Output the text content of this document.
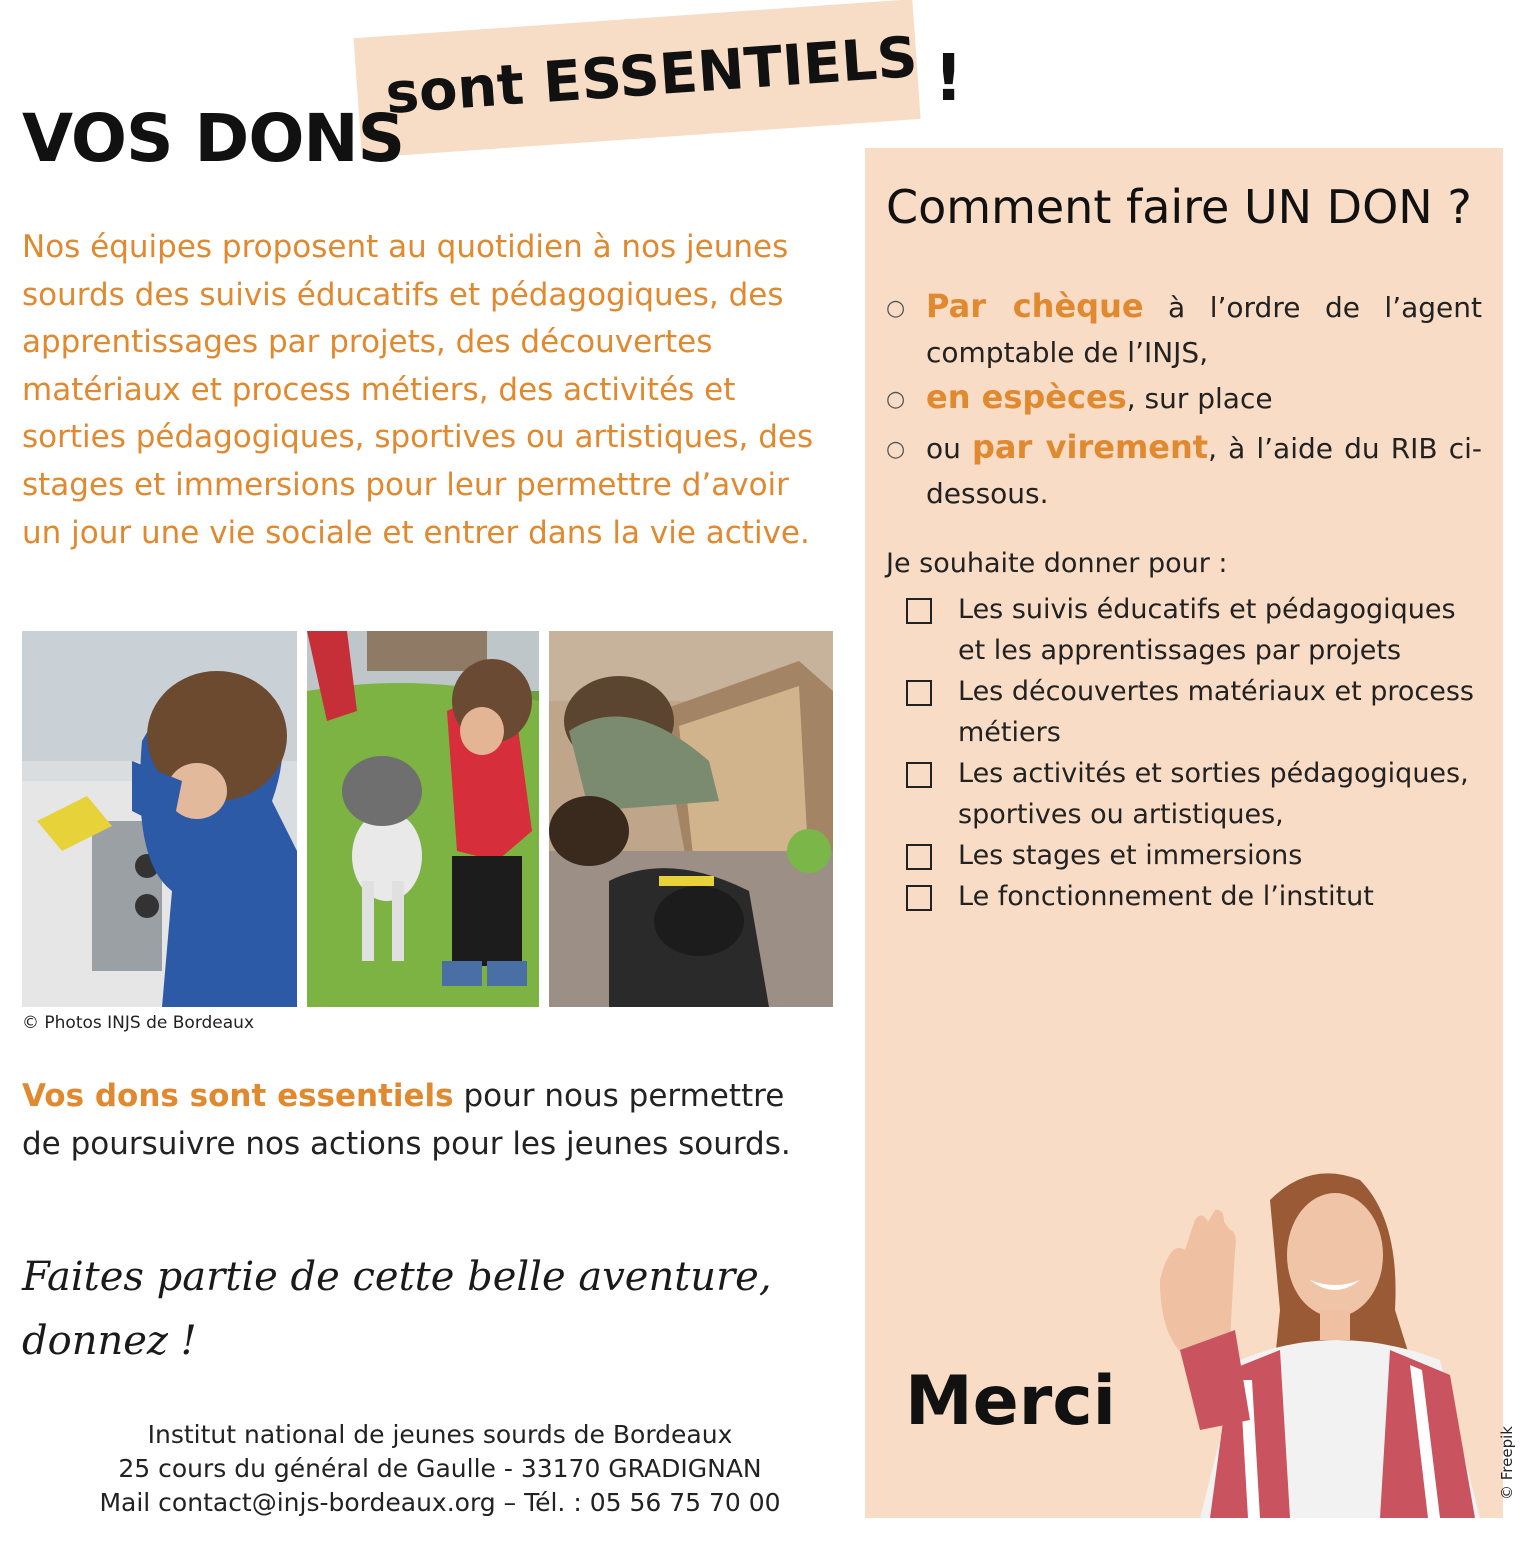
VOS DONS
sont ESSENTIELS !
Nos équipes proposent au quotidien à nos jeunes sourds des suivis éducatifs et pédagogiques, des apprentissages par projets, des découvertes matériaux et process métiers, des activités et sorties pédagogiques, sportives ou artistiques, des stages et immersions pour leur permettre d’avoir un jour une vie sociale et entrer dans la vie active.
© Photos INJS de Bordeaux
Vos dons sont essentiels pour nous permettre de poursuivre nos actions pour les jeunes sourds.
Faites partie de cette belle aventure, donnez !
Institut national de jeunes sourds de Bordeaux
25 cours du général de Gaulle - 33170 GRADIGNAN
Mail contact@injs-bordeaux.org – Tél. : 05 56 75 70 00
Comment faire UN DON ?
○ Par chèque à l’ordre de l’agent comptable de l’INJS,
○ en espèces, sur place
○ ou par virement, à l’aide du RIB ci-dessous.
Je souhaite donner pour :
Les suivis éducatifs et pédagogiques et les apprentissages par projets
Les découvertes matériaux et process métiers
Les activités et sorties pédagogiques, sportives ou artistiques,
Les stages et immersions
Le fonctionnement de l’institut
Merci
© Freepik
